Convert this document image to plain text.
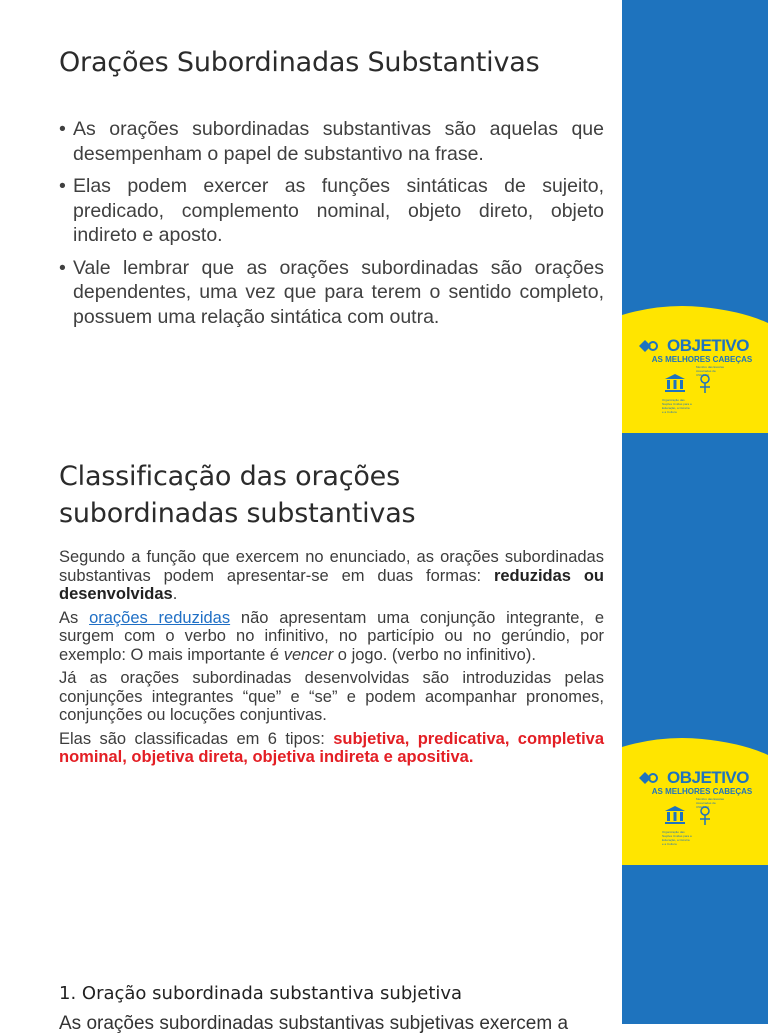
Orações Subordinadas Substantivas
• As orações subordinadas substantivas são aquelas que desempenham o papel de substantivo na frase.
• Elas podem exercer as funções sintáticas de sujeito, predicado, complemento nominal, objeto direto, objeto indireto e aposto.
• Vale lembrar que as orações subordinadas são orações dependentes, uma vez que para terem o sentido completo, possuem uma relação sintática com outra.
Classificação das orações subordinadas substantivas

Segundo a função que exercem no enunciado, as orações subordinadas substantivas podem apresentar-se em duas formas: reduzidas ou desenvolvidas.

As orações reduzidas não apresentam uma conjunção integrante, e surgem com o verbo no infinitivo, no particípio ou no gerúndio, por exemplo: O mais importante é vencer o jogo. (verbo no infinitivo).

Já as orações subordinadas desenvolvidas são introduzidas pelas conjunções integrantes “que” e “se” e podem acompanhar pronomes, conjunções ou locuções conjuntivas.

Elas são classificadas em 6 tipos: subjetiva, predicativa, completiva nominal, objetiva direta, objetiva indireta e apositiva.

1. Oração subordinada substantiva subjetiva

As orações subordinadas substantivas subjetivas exercem a

OBJETIVO
AS MELHORES CABEÇAS
Organização das Nações Unidas para a Educação, a Ciência e a Cultura
Membro das Escolas Associadas da UNESCO
OBJETIVO
AS MELHORES CABEÇAS
Organização das Nações Unidas para a Educação, a Ciência e a Cultura
Membro das Escolas Associadas da UNESCO
